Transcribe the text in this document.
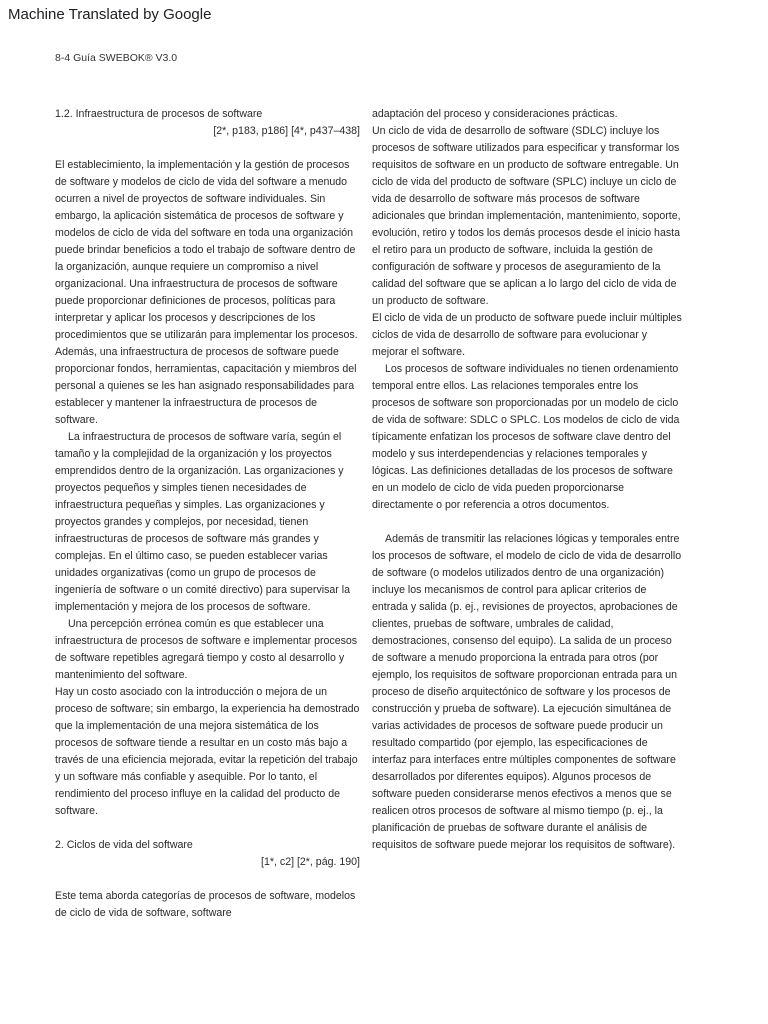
Machine Translated by Google
8-4 Guía SWEBOK® V3.0

1.2. Infraestructura de procesos de software

[2*, p183, p186] [4*, p437–438]

El establecimiento, la implementación y la gestión de procesos de software y modelos de ciclo de vida del software a menudo ocurren a nivel de proyectos de software individuales. Sin embargo, la aplicación sistemática de procesos de software y modelos de ciclo de vida del software en toda una organización puede brindar beneficios a todo el trabajo de software dentro de la organización, aunque requiere un compromiso a nivel organizacional. Una infraestructura de procesos de software puede proporcionar definiciones de procesos, políticas para interpretar y aplicar los procesos y descripciones de los procedimientos que se utilizarán para implementar los procesos. Además, una infraestructura de procesos de software puede proporcionar fondos, herramientas, capacitación y miembros del personal a quienes se les han asignado responsabilidades para establecer y mantener la infraestructura de procesos de software.

La infraestructura de procesos de software varía, según el tamaño y la complejidad de la organización y los proyectos emprendidos dentro de la organización. Las organizaciones y proyectos pequeños y simples tienen necesidades de infraestructura pequeñas y simples. Las organizaciones y proyectos grandes y complejos, por necesidad, tienen infraestructuras de procesos de software más grandes y complejas. En el último caso, se pueden establecer varias unidades organizativas (como un grupo de procesos de ingeniería de software o un comité directivo) para supervisar la implementación y mejora de los procesos de software.

Una percepción errónea común es que establecer una infraestructura de procesos de software e implementar procesos de software repetibles agregará tiempo y costo al desarrollo y mantenimiento del software.

Hay un costo asociado con la introducción o mejora de un proceso de software; sin embargo, la experiencia ha demostrado que la implementación de una mejora sistemática de los procesos de software tiende a resultar en un costo más bajo a través de una eficiencia mejorada, evitar la repetición del trabajo y un software más confiable y asequible. Por lo tanto, el rendimiento del proceso influye en la calidad del producto de software.

2. Ciclos de vida del software

[1*, c2] [2*, pág. 190]

Este tema aborda categorías de procesos de software, modelos de ciclo de vida de software, software

adaptación del proceso y consideraciones prácticas.

Un ciclo de vida de desarrollo de software (SDLC) incluye los procesos de software utilizados para especificar y transformar los requisitos de software en un producto de software entregable. Un ciclo de vida del producto de software (SPLC) incluye un ciclo de vida de desarrollo de software más procesos de software adicionales que brindan implementación, mantenimiento, soporte, evolución, retiro y todos los demás procesos desde el inicio hasta el retiro para un producto de software, incluida la gestión de configuración de software y procesos de aseguramiento de la calidad del software que se aplican a lo largo del ciclo de vida de un producto de software.

El ciclo de vida de un producto de software puede incluir múltiples ciclos de vida de desarrollo de software para evolucionar y mejorar el software.

Los procesos de software individuales no tienen ordenamiento temporal entre ellos. Las relaciones temporales entre los procesos de software son proporcionadas por un modelo de ciclo de vida de software: SDLC o SPLC. Los modelos de ciclo de vida típicamente enfatizan los procesos de software clave dentro del modelo y sus interdependencias y relaciones temporales y lógicas. Las definiciones detalladas de los procesos de software en un modelo de ciclo de vida pueden proporcionarse directamente o por referencia a otros documentos.

Además de transmitir las relaciones lógicas y temporales entre los procesos de software, el modelo de ciclo de vida de desarrollo de software (o modelos utilizados dentro de una organización) incluye los mecanismos de control para aplicar criterios de entrada y salida (p. ej., revisiones de proyectos, aprobaciones de clientes, pruebas de software, umbrales de calidad, demostraciones, consenso del equipo). La salida de un proceso de software a menudo proporciona la entrada para otros (por ejemplo, los requisitos de software proporcionan entrada para un proceso de diseño arquitectónico de software y los procesos de construcción y prueba de software). La ejecución simultánea de varias actividades de procesos de software puede producir un resultado compartido (por ejemplo, las especificaciones de interfaz para interfaces entre múltiples componentes de software desarrollados por diferentes equipos). Algunos procesos de software pueden considerarse menos efectivos a menos que se realicen otros procesos de software al mismo tiempo (p. ej., la planificación de pruebas de software durante el análisis de requisitos de software puede mejorar los requisitos de software).
